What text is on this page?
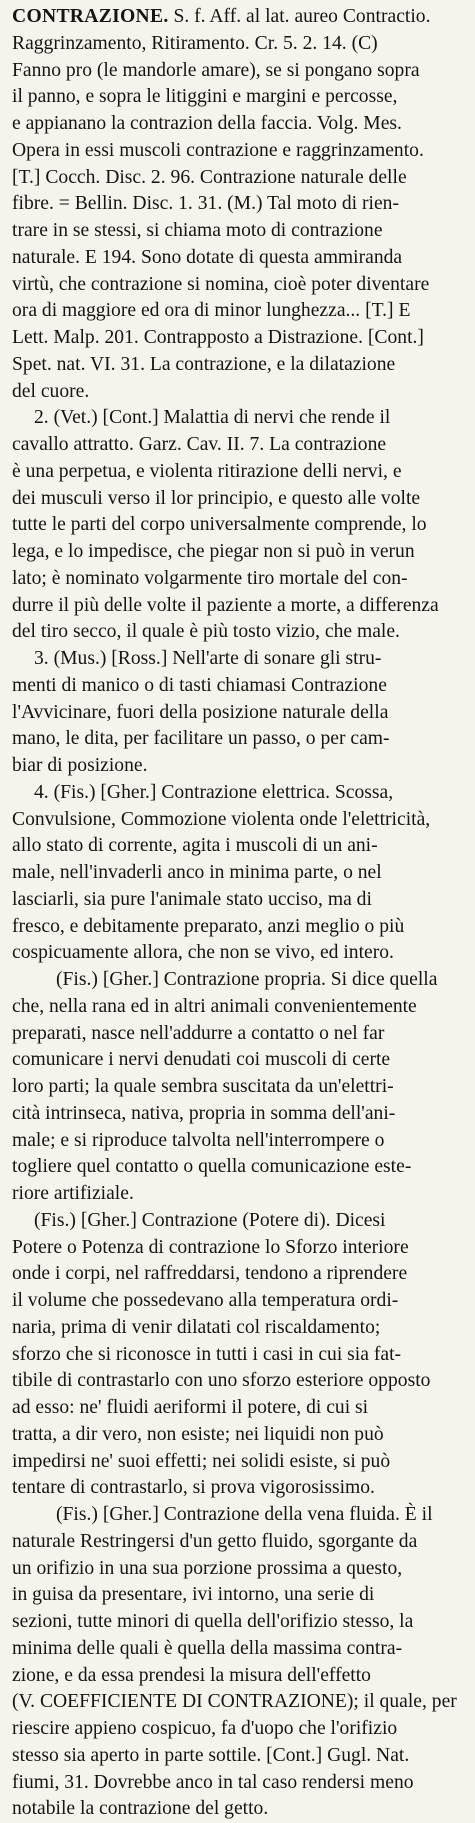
CONTRAZIONE. S. f. Aff. al lat. aureo Contractio.
Raggrinzamento, Ritiramento. Cr. 5. 2. 14. (C)
Fanno pro (le mandorle amare), se si pongano sopra
il panno, e sopra le litiggini e margini e percosse,
e appianano la contrazion della faccia. Volg. Mes.
Opera in essi muscoli contrazione e raggrinzamento.
[T.] Cocch. Disc. 2. 96. Contrazione naturale delle
fibre. = Bellin. Disc. 1. 31. (M.) Tal moto di rien-
trare in se stessi, si chiama moto di contrazione
naturale. E 194. Sono dotate di questa ammiranda
virtù, che contrazione si nomina, cioè poter diventare
ora di maggiore ed ora di minor lunghezza... [T.] E
Lett. Malp. 201. Contrapposto a Distrazione. [Cont.]
Spet. nat. VI. 31. La contrazione, e la dilatazione
del cuore.

2. (Vet.) [Cont.] Malattia di nervi che rende il
cavallo attratto. Garz. Cav. II. 7. La contrazione
è una perpetua, e violenta ritirazione delli nervi, e
dei musculi verso il lor principio, e questo alle volte
tutte le parti del corpo universalmente comprende, lo
lega, e lo impedisce, che piegar non si può in verun
lato; è nominato volgarmente tiro mortale del con-
durre il più delle volte il paziente a morte, a differenza
del tiro secco, il quale è più tosto vizio, che male.

3. (Mus.) [Ross.] Nell'arte di sonare gli stru-
menti di manico o di tasti chiamasi Contrazione
l'Avvicinare, fuori della posizione naturale della
mano, le dita, per facilitare un passo, o per cam-
biar di posizione.

4. (Fis.) [Gher.] Contrazione elettrica. Scossa,
Convulsione, Commozione violenta onde l'elettricità,
allo stato di corrente, agita i muscoli di un ani-
male, nell'invaderli anco in minima parte, o nel
lasciarli, sia pure l'animale stato ucciso, ma di
fresco, e debitamente preparato, anzi meglio o più
cospicuamente allora, che non se vivo, ed intero.

(Fis.) [Gher.] Contrazione propria. Si dice quella
che, nella rana ed in altri animali convenientemente
preparati, nasce nell'addurre a contatto o nel far
comunicare i nervi denudati coi muscoli di certe
loro parti; la quale sembra suscitata da un'elettri-
cità intrinseca, nativa, propria in somma dell'ani-
male; e si riproduce talvolta nell'interrompere o
togliere quel contatto o quella comunicazione este-
riore artifiziale.

(Fis.) [Gher.] Contrazione (Potere di). Dicesi
Potere o Potenza di contrazione lo Sforzo interiore
onde i corpi, nel raffreddarsi, tendono a riprendere
il volume che possedevano alla temperatura ordi-
naria, prima di venir dilatati col riscaldamento;
sforzo che si riconosce in tutti i casi in cui sia fat-
tibile di contrastarlo con uno sforzo esteriore opposto
ad esso: ne' fluidi aeriformi il potere, di cui si
tratta, a dir vero, non esiste; nei liquidi non può
impedirsi ne' suoi effetti; nei solidi esiste, si può
tentare di contrastarlo, si prova vigorosissimo.

(Fis.) [Gher.] Contrazione della vena fluida. È il
naturale Restringersi d'un getto fluido, sgorgante da
un orifizio in una sua porzione prossima a questo,
in guisa da presentare, ivi intorno, una serie di
sezioni, tutte minori di quella dell'orifizio stesso, la
minima delle quali è quella della massima contra-
zione, e da essa prendesi la misura dell'effetto
(V. COEFFICIENTE DI CONTRAZIONE); il quale, per
riescire appieno cospicuo, fa d'uopo che l'orifizio
stesso sia aperto in parte sottile. [Cont.] Gugl. Nat.
fiumi, 31. Dovrebbe anco in tal caso rendersi meno
notabile la contrazione del getto.
